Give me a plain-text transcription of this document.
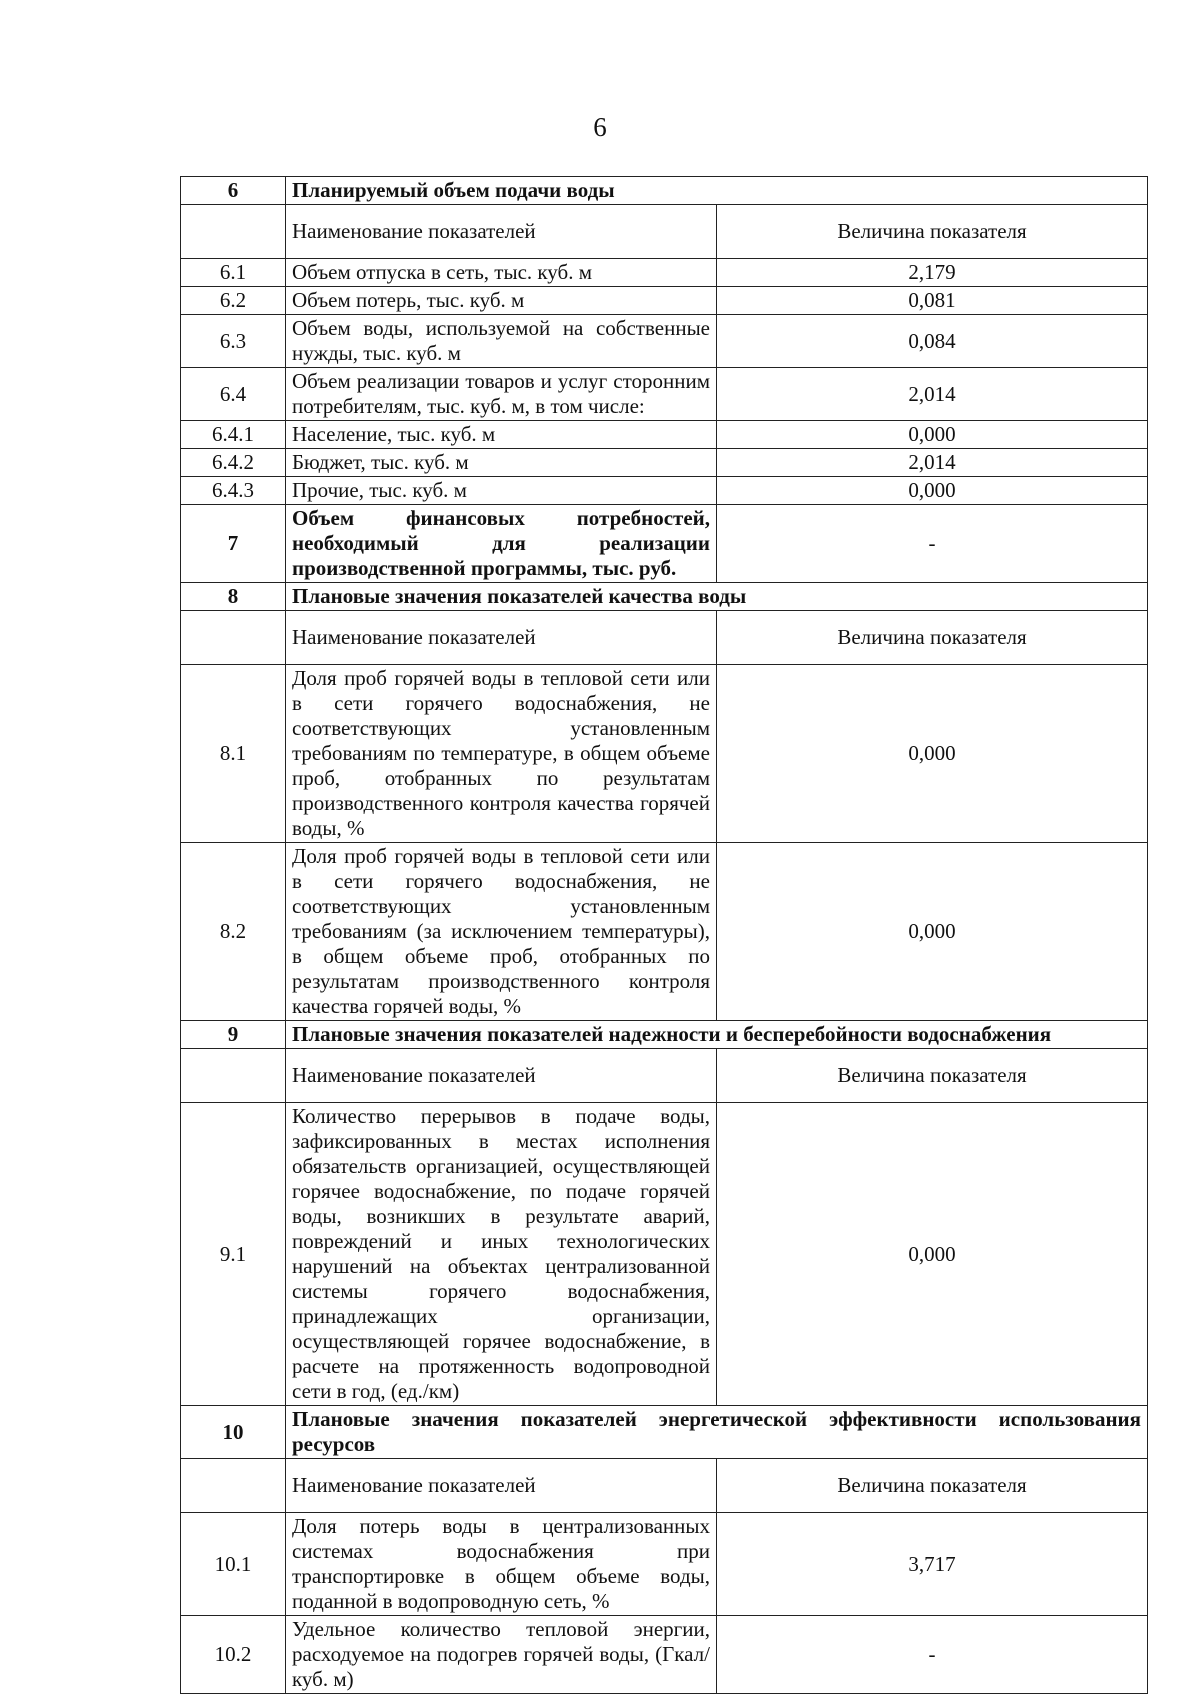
6
6	Планируемый объем подачи воды	
	Наименование показателей	Величина показателя
6.1	Объем отпуска в сеть, тыс. куб. м	2,179
6.2	Объем потерь, тыс. куб. м	0,081
6.3	Объем воды, используемой на собственные нужды, тыс. куб. м	0,084
6.4	Объем реализации товаров и услуг сторонним потребителям, тыс. куб. м, в том числе:	2,014
6.4.1	Население, тыс. куб. м	0,000
6.4.2	Бюджет, тыс. куб. м	2,014
6.4.3	Прочие, тыс. куб. м	0,000
7	Объем финансовых потребностей, необходимый для реализации производственной программы, тыс. руб.	-
8	Плановые значения показателей качества воды	
	Наименование показателей	Величина показателя
8.1	Доля проб горячей воды в тепловой сети или в сети горячего водоснабжения, не соответствующих установленным требованиям по температуре, в общем объеме проб, отобранных по результатам производственного контроля качества горячей воды, %	0,000
8.2	Доля проб горячей воды в тепловой сети или в сети горячего водоснабжения, не соответствующих установленным требованиям (за исключением температуры), в общем объеме проб, отобранных по результатам производственного контроля качества горячей воды, %	0,000
9	Плановые значения показателей надежности и бесперебойности водоснабжения	
	Наименование показателей	Величина показателя
9.1	Количество перерывов в подаче воды, зафиксированных в местах исполнения обязательств организацией, осуществляющей горячее водоснабжение, по подаче горячей воды, возникших в результате аварий, повреждений и иных технологических нарушений на объектах централизованной системы горячего водоснабжения, принадлежащих организации, осуществляющей горячее водоснабжение, в расчете на протяженность водопроводной сети в год, (ед./км)	0,000
10	Плановые значения показателей энергетической эффективности использования ресурсов	
	Наименование показателей	Величина показателя
10.1	Доля потерь воды в централизованных системах водоснабжения при транспортировке в общем объеме воды, поданной в водопроводную сеть, %	3,717
10.2	Удельное количество тепловой энергии, расходуемое на подогрев горячей воды, (Гкал/куб. м)	-
